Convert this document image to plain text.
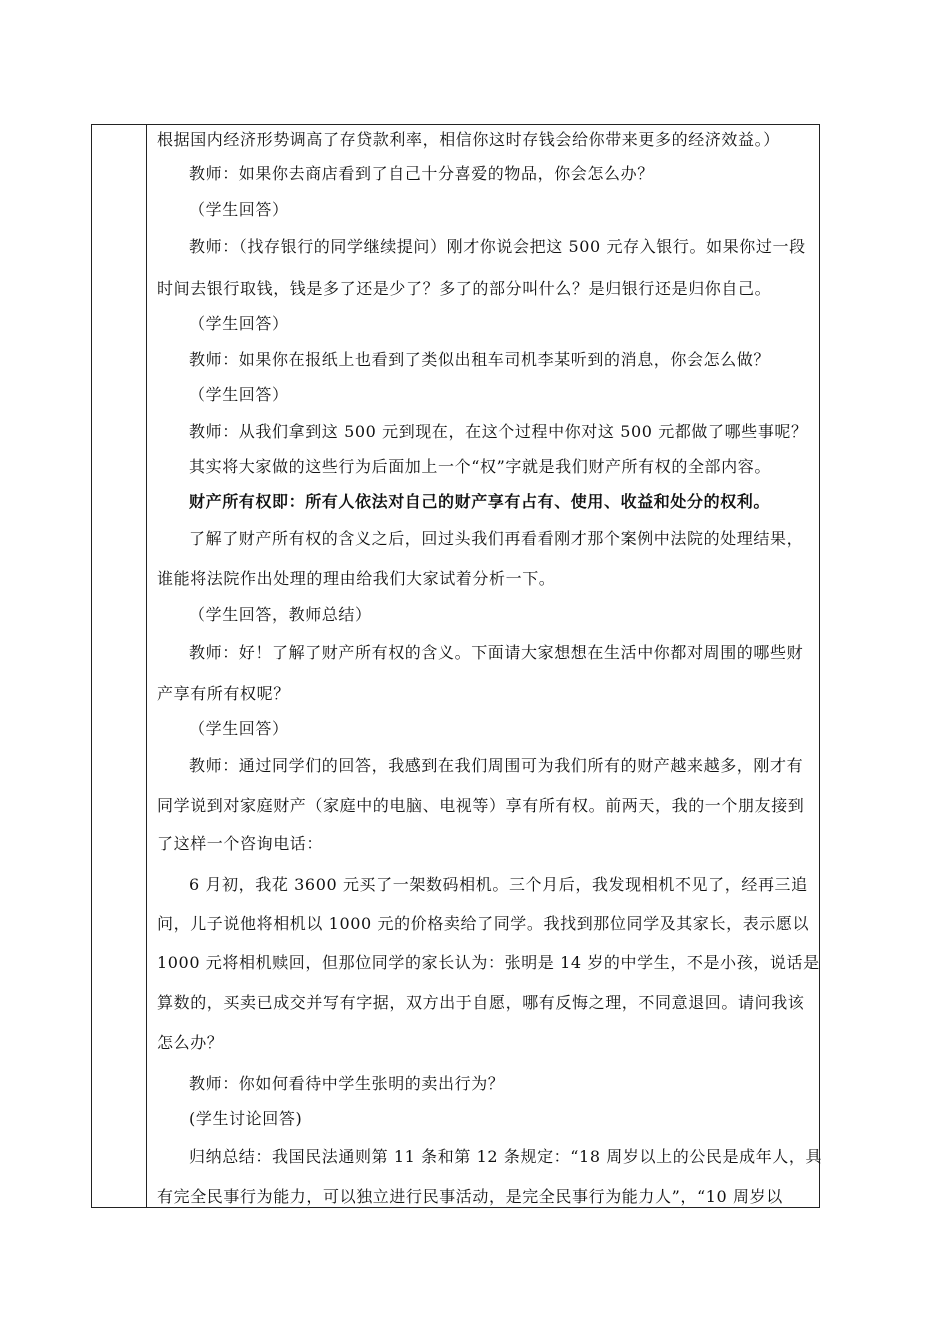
根据国内经济形势调高了存贷款利率，相信你这时存钱会给你带来更多的经济效益。）
教师：如果你去商店看到了自己十分喜爱的物品，你会怎么办？
（学生回答）
教师：（找存银行的同学继续提问）刚才你说会把这 500 元存入银行。如果你过一段
时间去银行取钱，钱是多了还是少了？多了的部分叫什么？是归银行还是归你自己。
（学生回答）
教师：如果你在报纸上也看到了类似出租车司机李某听到的消息，你会怎么做？
（学生回答）
教师：从我们拿到这 500 元到现在，在这个过程中你对这 500 元都做了哪些事呢？
其实将大家做的这些行为后面加上一个“权”字就是我们财产所有权的全部内容。
财产所有权即：所有人依法对自己的财产享有占有、使用、收益和处分的权利。
了解了财产所有权的含义之后，回过头我们再看看刚才那个案例中法院的处理结果，
谁能将法院作出处理的理由给我们大家试着分析一下。
（学生回答，教师总结）
教师：好！了解了财产所有权的含义。下面请大家想想在生活中你都对周围的哪些财
产享有所有权呢？
（学生回答）
教师：通过同学们的回答，我感到在我们周围可为我们所有的财产越来越多，刚才有
同学说到对家庭财产（家庭中的电脑、电视等）享有所有权。前两天，我的一个朋友接到
了这样一个咨询电话：
6 月初，我花 3600 元买了一架数码相机。三个月后，我发现相机不见了，经再三追
问，儿子说他将相机以 1000 元的价格卖给了同学。我找到那位同学及其家长，表示愿以
1000 元将相机赎回，但那位同学的家长认为：张明是 14 岁的中学生，不是小孩，说话是
算数的，买卖已成交并写有字据，双方出于自愿，哪有反悔之理，不同意退回。请问我该
怎么办？
教师：你如何看待中学生张明的卖出行为？
(学生讨论回答)
归纳总结：我国民法通则第 11 条和第 12 条规定：“18 周岁以上的公民是成年人，具
有完全民事行为能力，可以独立进行民事活动，是完全民事行为能力人”，“10 周岁以
